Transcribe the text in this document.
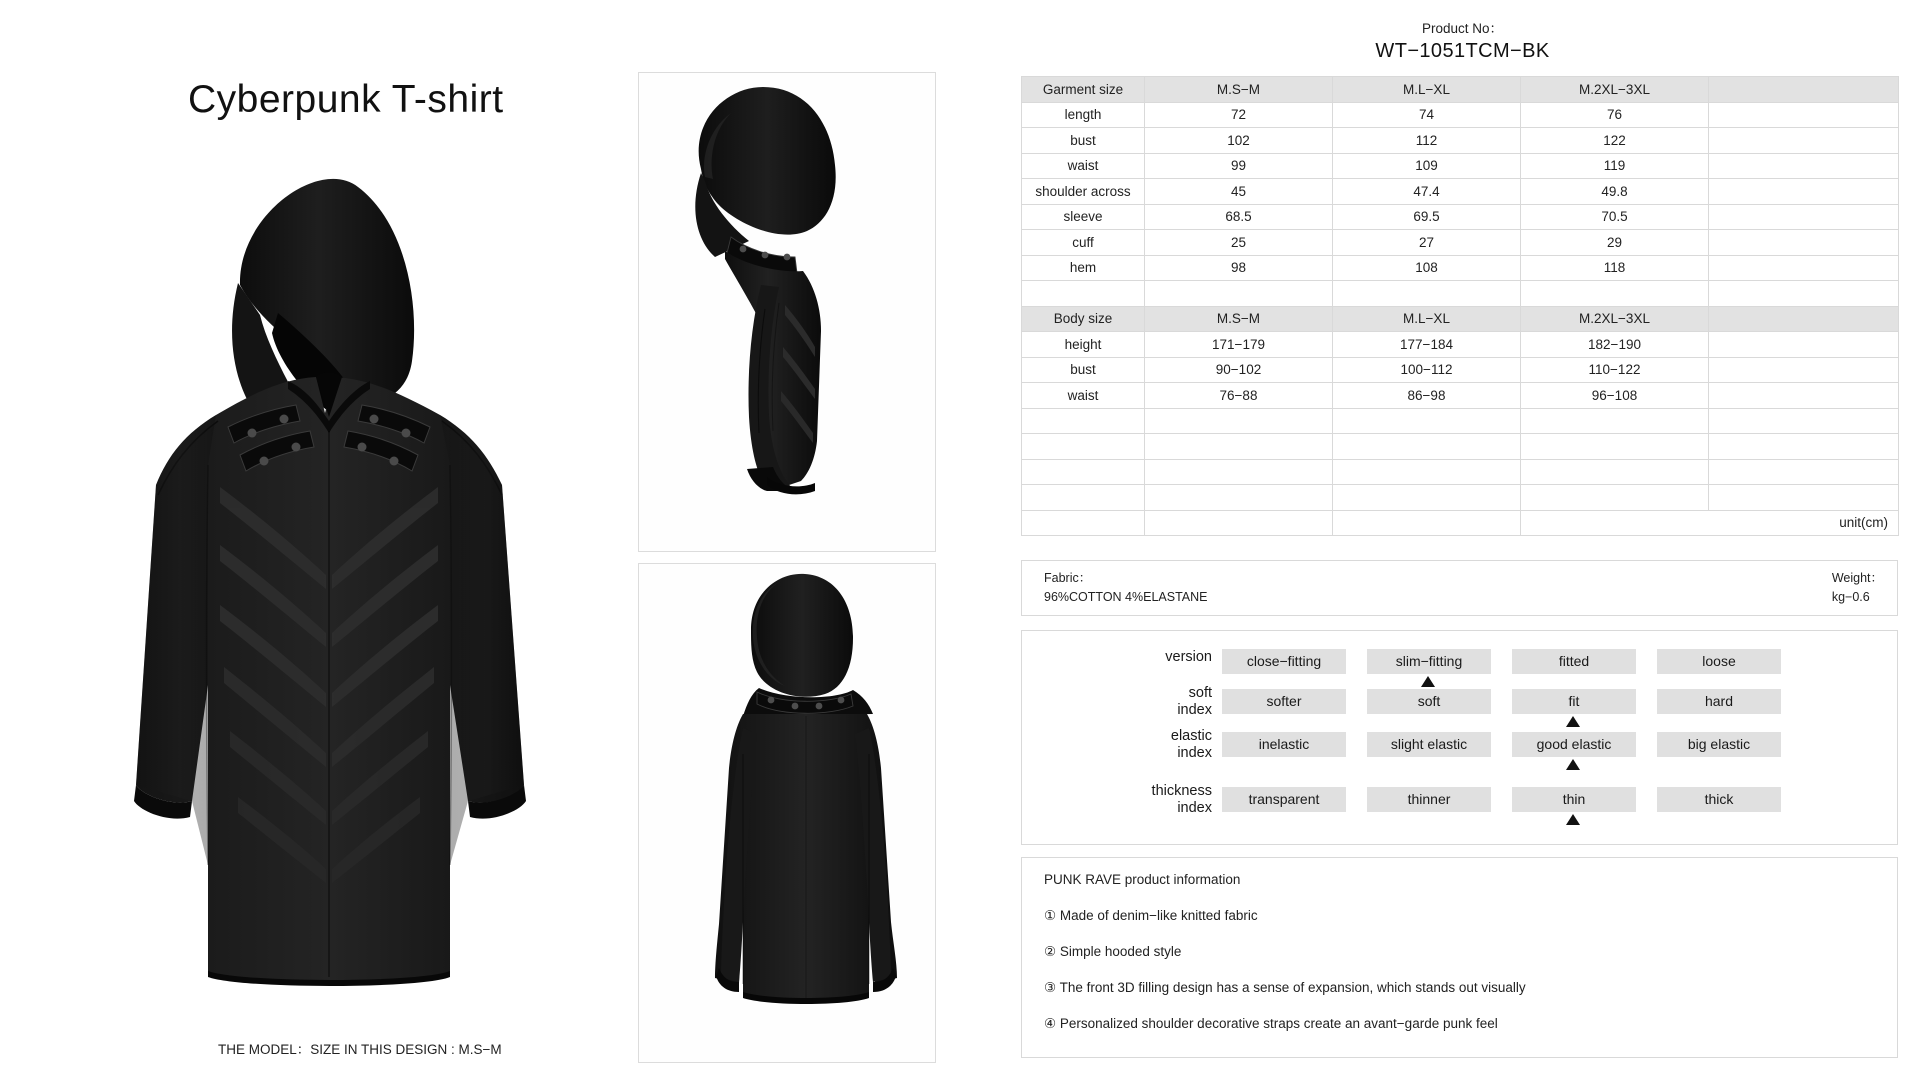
Cyberpunk T-shirt
THE MODEL：SIZE IN THIS DESIGN : M.S−M
Product No：
WT−1051TCM−BK
Garment size	M.S−M	M.L−XL	M.2XL−3XL	
length	72	74	76	
bust	102	112	122	
waist	99	109	119	
shoulder across	45	47.4	49.8	
sleeve	68.5	69.5	70.5	
cuff	25	27	29	
hem	98	108	118	

Body size	M.S−M	M.L−XL	M.2XL−3XL	
height	171−179	177−184	182−190	
bust	90−102	100−112	110−122	
waist	76−88	86−98	96−108	

			unit(cm)	
Fabric：
96%COTTON 4%ELASTANE
Weight：
kg−0.6
version	close−fitting	slim−fitting	fitted	loose
soft
index
softer	soft	fit	hard
elastic
index
inelastic	slight elastic	good elastic	big elastic
thickness
index
transparent	thinner	thin	thick
PUNK RAVE product information
① Made of denim−like knitted fabric
② Simple hooded style
③ The front 3D filling design has a sense of expansion, which stands out visually
④ Personalized shoulder decorative straps create an avant−garde punk feel
